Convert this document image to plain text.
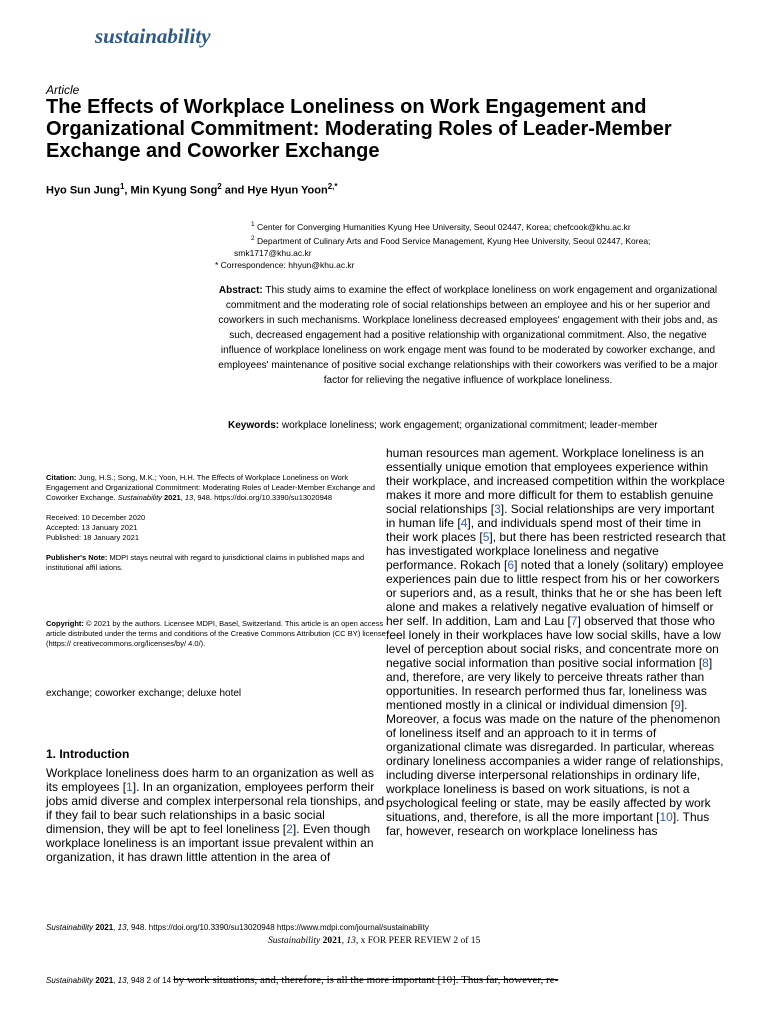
sustainability
Article
The Effects of Workplace Loneliness on Work Engagement and Organizational Commitment: Moderating Roles of Leader-Member Exchange and Coworker Exchange
Hyo Sun Jung$^1$, Min Kyung Song$^2$ and Hye Hyun Yoon$^{2,*}$
$^1$ Center for Converging Humanities Kyung Hee University, Seoul 02447, Korea; chefcook@khu.ac.kr
$^2$ Department of Culinary Arts and Food Service Management, Kyung Hee University, Seoul 02447, Korea;
smk1717@khu.ac.kr
* Correspondence: hhyun@khu.ac.kr
Abstract: This study aims to examine the effect of workplace loneliness on work engagement and organizational commitment and the moderating role of social relationships between an employee and his or her superior and coworkers in such mechanisms. Workplace loneliness decreased employees' engagement with their jobs and, as such, decreased engagement had a positive relationship with organizational commitment. Also, the negative influence of workplace loneliness on work engage ment was found to be moderated by coworker exchange, and employees' maintenance of positive social exchange relationships with their coworkers was verified to be a major factor for relieving the negative influence of workplace loneliness.
Keywords: workplace loneliness; work engagement; organizational commitment; leader-member

Citation: Jung, H.S.; Song, M.K.; Yoon, H.H. The Effects of Workplace Loneliness on Work Engagement and Organizational Commitment: Moderating Roles of Leader-Member Exchange and Coworker Exchange. Sustainability 2021, 13, 948. https://doi.org/10.3390/su13020948

Received: 10 December 2020

Accepted: 13 January 2021

Published: 18 January 2021

Publisher's Note: MDPI stays neutral with regard to jurisdictional claims in published maps and institutional affil iations.

Copyright: © 2021 by the authors. Licensee MDPI, Basel, Switzerland. This article is an open access article distributed under the terms and conditions of the Creative Commons Attribution (CC BY) license (https:// creativecommons.org/licenses/by/ 4.0/).

exchange; coworker exchange; deluxe hotel
1. Introduction
Workplace loneliness does harm to an organization as well as its employees [1]. In an organization, employees perform their jobs amid diverse and complex interpersonal rela tionships, and if they fail to bear such relationships in a basic social dimension, they will be apt to feel loneliness [2]. Even though workplace loneliness is an important issue prevalent within an organization, it has drawn little attention in the area of
human resources man agement. Workplace loneliness is an essentially unique emotion that employees experience within their workplace, and increased competition within the workplace makes it more and more difficult for them to establish genuine social relationships [3]. Social relationships are very important in human life [4], and individuals spend most of their time in their work places [5], but there has been restricted research that has investigated workplace loneliness and negative performance. Rokach [6] noted that a lonely (solitary) employee experiences pain due to little respect from his or her coworkers or superiors and, as a result, thinks that he or she has been left alone and makes a relatively negative evaluation of himself or her self. In addition, Lam and Lau [7] observed that those who feel lonely in their workplaces have low social skills, have a low level of perception about social risks, and concentrate more on negative social information than positive social information [8] and, therefore, are very likely to perceive threats rather than opportunities. In research performed thus far, loneliness was mentioned mostly in a clinical or individual dimension [9]. Moreover, a focus was made on the nature of the phenomenon of loneliness itself and an approach to it in terms of organizational climate was disregarded. In particular, whereas ordinary loneliness accompanies a wider range of relationships, including diverse interpersonal relationships in ordinary life, workplace loneliness is based on work situations, is not a psychological feeling or state, may be easily affected by work situations, and, therefore, is all the more important [10]. Thus far, however, research on workplace loneliness has
Sustainability 2021, 13, 948. https://doi.org/10.3390/su13020948 https://www.mdpi.com/journal/sustainability
Sustainability 2021, 13, x FOR PEER REVIEW 2 of 15
Sustainability 2021, 13, 948 2 of 14 by work situations, and, therefore, is all the more important [10]. Thus far, however, re-
